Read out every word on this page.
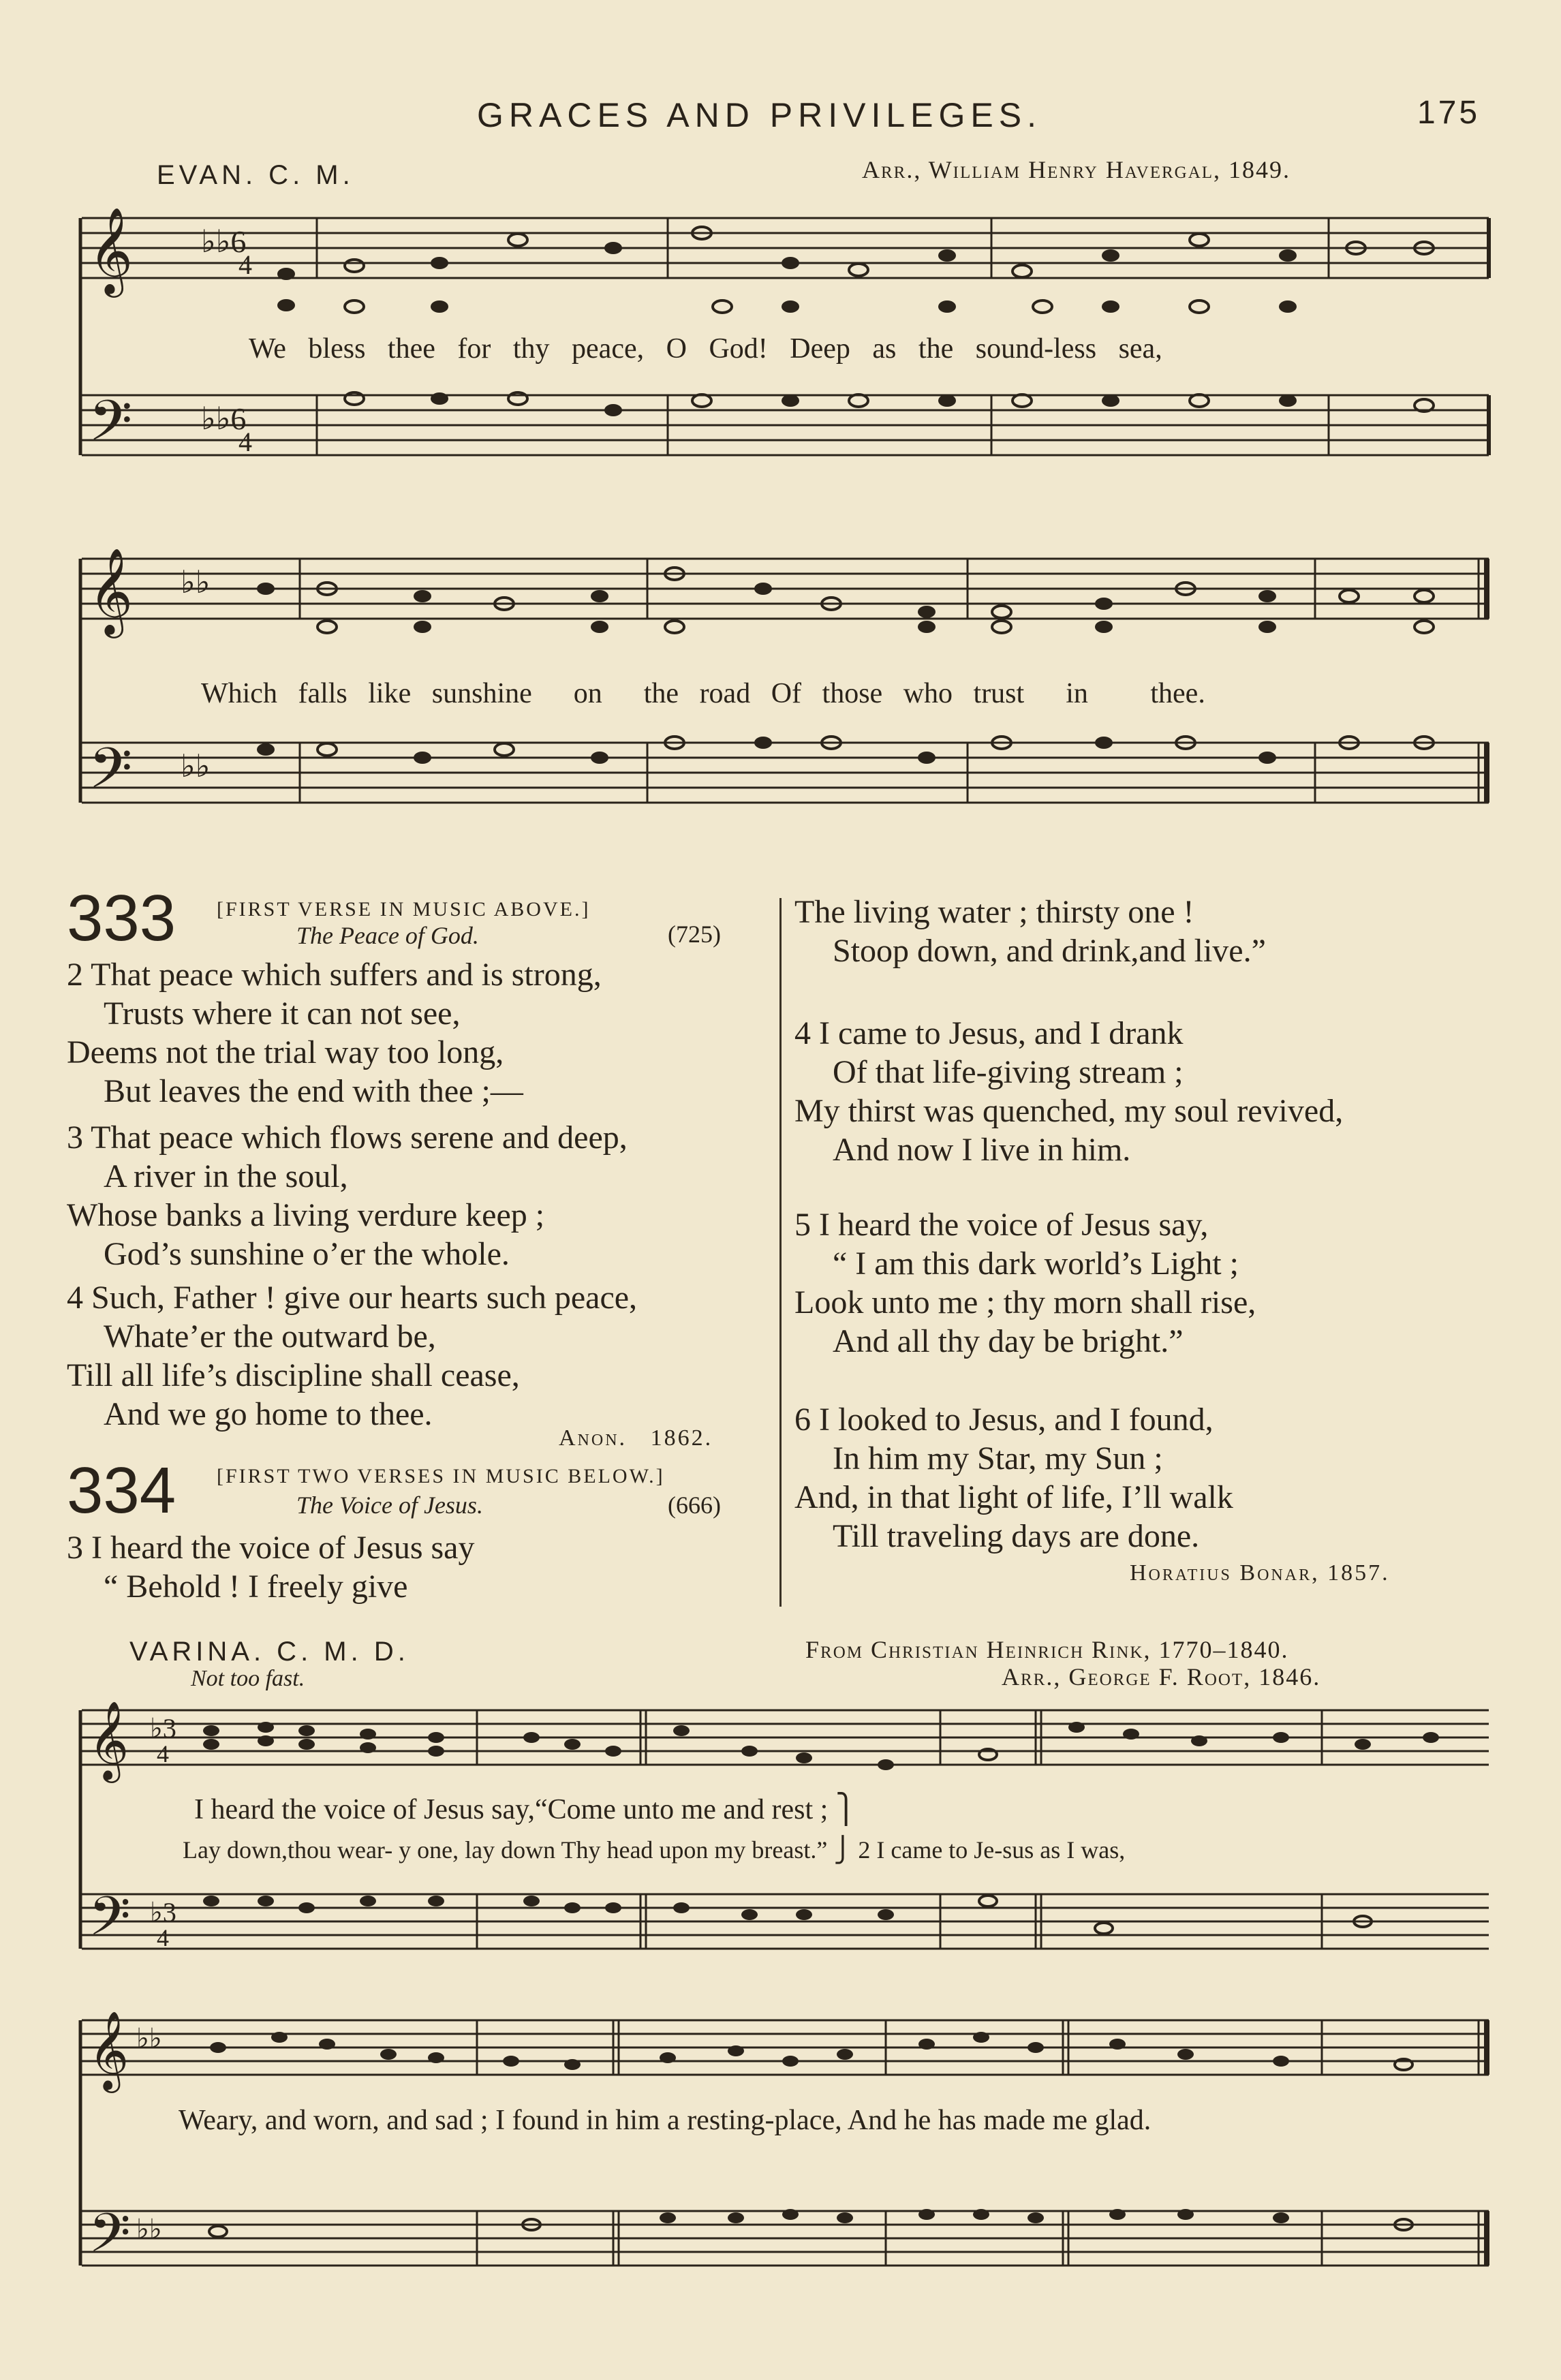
GRACES AND PRIVILEGES.	175
EVAN. C. M.	Arr., William Henry Havergal, 1849.
𝄞
𝄢
♭♭6
4
♭♭6
4
We bless thee for thy peace, O God! Deep as the sound-less sea,
𝄞
𝄢
♭♭
♭♭
Which falls like sunshine on the road Of those who trust in thee.
333 [FIRST VERSE IN MUSIC ABOVE.]
The Peace of God.	(725)
2 That peace which suffers and is strong,
Trusts where it can not see,
Deems not the trial way too long,
But leaves the end with thee ;—
3 That peace which flows serene and deep,
A river in the soul,
Whose banks a living verdure keep ;
God’s sunshine o’er the whole.
4 Such, Father ! give our hearts such peace,
Whate’er the outward be,
Till all life’s discipline shall cease,
And we go home to thee.
Anon. 1862.
334 [FIRST TWO VERSES IN MUSIC BELOW.]
The Voice of Jesus.	(666)
3 I heard the voice of Jesus say
“ Behold ! I freely give
The living water ; thirsty one !
Stoop down, and drink,and live.”
4 I came to Jesus, and I drank
Of that life-giving stream ;
My thirst was quenched, my soul revived,
And now I live in him.
5 I heard the voice of Jesus say,
“ I am this dark world’s Light ;
Look unto me ; thy morn shall rise,
And all thy day be bright.”
6 I looked to Jesus, and I found,
In him my Star, my Sun ;
And, in that light of life, I’ll walk
Till traveling days are done.
Horatius Bonar, 1857.
VARINA. C. M. D.
Not too fast.
From Christian Heinrich Rink, 1770–1840.
Arr., George F. Root, 1846.
𝄞
𝄢
♭3
4
♭3
4
I heard the voice of Jesus say,“Come unto me and rest ; ⎫
Lay down,thou wear- y one, lay down Thy head upon my breast.” ⎭ 2 I came to Je-sus as I was,
𝄞
𝄢
♭♭
♭♭
Weary, and worn, and sad ; I found in him a resting-place, And he has made me glad.
